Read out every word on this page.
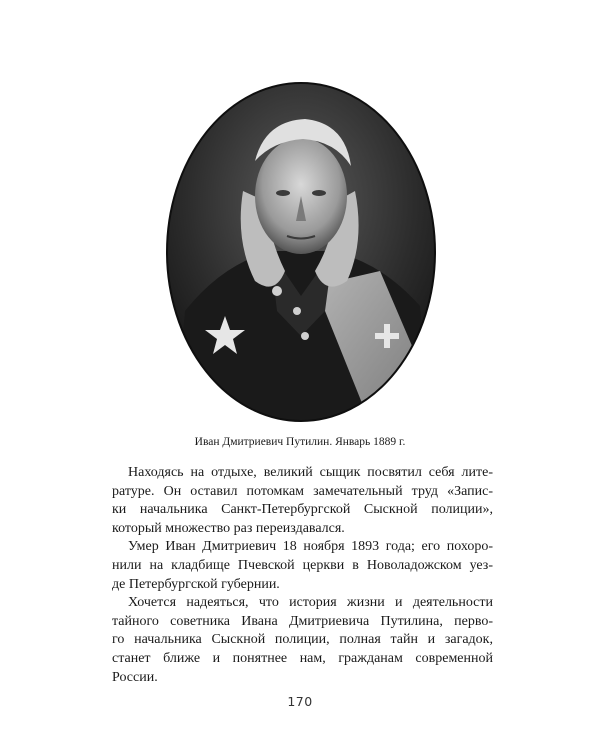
Иван Дмитриевич Путилин. Январь 1889 г.

Находясь на отдыхе, великий сыщик посвятил себя лите-
ратуре. Он оставил потомкам замечательный труд «Запис-
ки начальника Санкт-Петербургской Сыскной полиции»,
который множество раз переиздавался.
Умер Иван Дмитриевич 18 ноября 1893 года; его похоро-
нили на кладбище Пчевской церкви в Новоладожском уез-
де Петербургской губернии.
Хочется надеяться, что история жизни и деятельности
тайного советника Ивана Дмитриевича Путилина, перво-
го начальника Сыскной полиции, полная тайн и загадок,
станет ближе и понятнее нам, гражданам современной
России.

170
